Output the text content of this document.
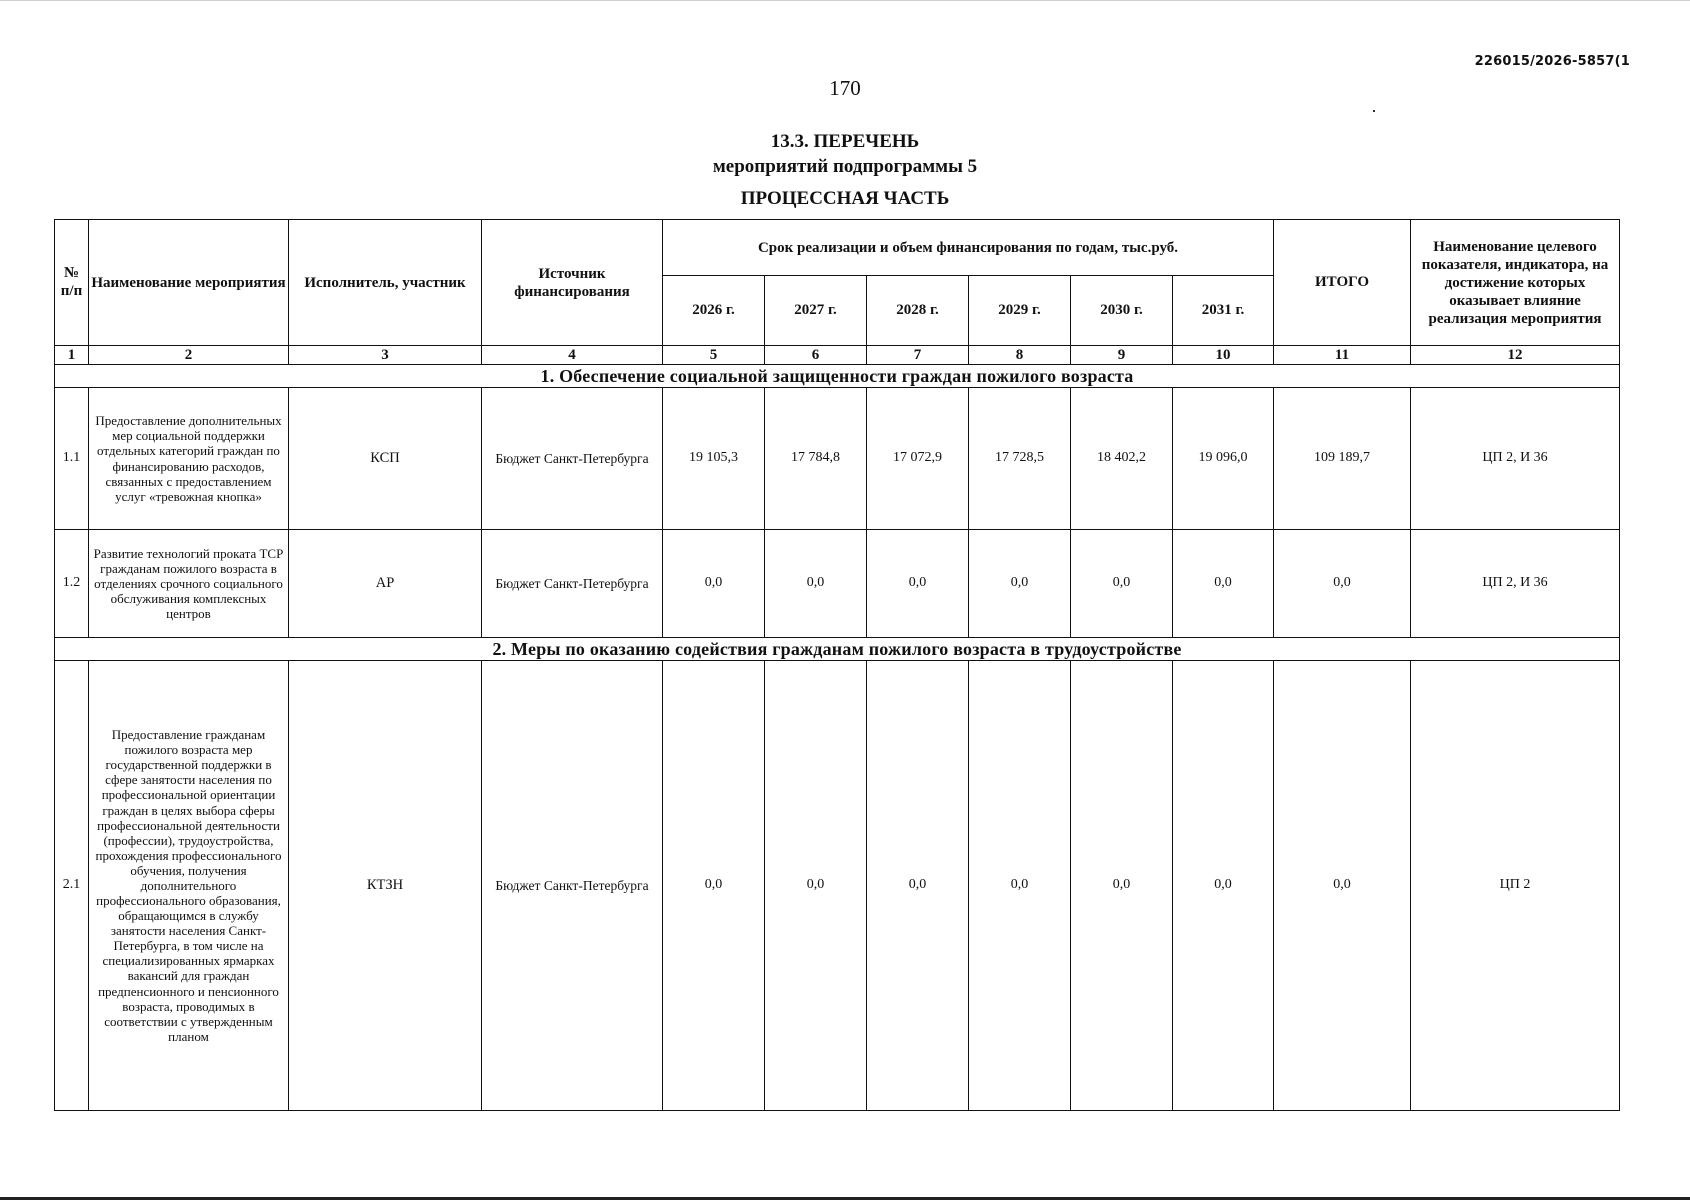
226015/2026-5857(1
170
13.3. ПЕРЕЧЕНЬ
мероприятий подпрограммы 5
ПРОЦЕССНАЯ ЧАСТЬ
№ п/п	Наименование мероприятия	Исполнитель, участник	Источник финансирования	Срок реализации и объем финансирования по годам, тыс.руб.						ИТОГО	Наименование целевого показателя, индикатора, на достижение которых оказывает влияние реализация мероприятия
				2026 г.	2027 г.	2028 г.	2029 г.	2030 г.	2031 г.		
1	2	3	4	5	6	7	8	9	10	11	12
1. Обеспечение социальной защищенности граждан пожилого возраста											
1.1	Предоставление дополнительных мер социальной поддержки отдельных категорий граждан по финансированию расходов, связанных с предоставлением услуг «тревожная кнопка»	КСП	Бюджет Санкт-Петербурга	19 105,3	17 784,8	17 072,9	17 728,5	18 402,2	19 096,0	109 189,7	ЦП 2, И 36
1.2	Развитие технологий проката ТСР гражданам пожилого возраста в отделениях срочного социального обслуживания комплексных центров	АР	Бюджет Санкт-Петербурга	0,0	0,0	0,0	0,0	0,0	0,0	0,0	ЦП 2, И 36
2. Меры по оказанию содействия гражданам пожилого возраста в трудоустройстве											
2.1	Предоставление гражданам пожилого возраста мер государственной поддержки в сфере занятости населения по профессиональной ориентации граждан в целях выбора сферы профессиональной деятельности (профессии), трудоустройства, прохождения профессионального обучения, получения дополнительного профессионального образования, обращающимся в службу занятости населения Санкт-Петербурга, в том числе на специализированных ярмарках вакансий для граждан предпенсионного и пенсионного возраста, проводимых в соответствии с утвержденным планом	КТЗН	Бюджет Санкт-Петербурга	0,0	0,0	0,0	0,0	0,0	0,0	0,0	ЦП 2
